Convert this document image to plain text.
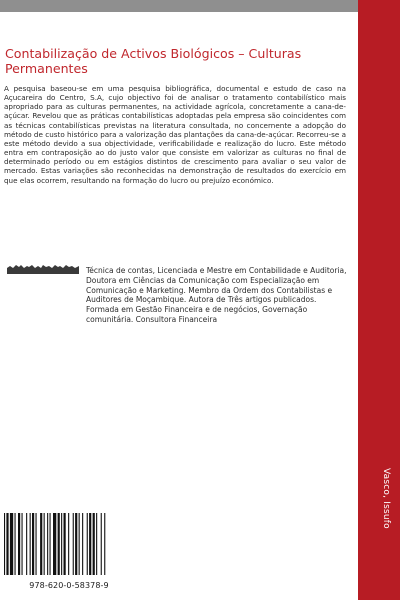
Contabilização de Activos Biológicos – Culturas Permanentes

A pesquisa baseou-se em uma pesquisa bibliográfica, documental e estudo de caso na Açucareira do Centro, S.A, cujo objectivo foi de analisar o tratamento contabilístico mais apropriado para as culturas permanentes, na actividade agrícola, concretamente a cana-de-açúcar. Revelou que as práticas contabilísticas adoptadas pela empresa são coincidentes com as técnicas contabilísticas previstas na literatura consultada, no concernente a adopção do método de custo histórico para a valorização das plantações da cana-de-açúcar. Recorreu-se a este método devido a sua objectividade, verificabilidade e realização do lucro. Este método entra em contraposição ao do justo valor que consiste em valorizar as culturas no final de determinado período ou em estágios distintos de crescimento para avaliar o seu valor de mercado. Estas variações são reconhecidas na demonstração de resultados do exercício em que elas ocorrem, resultando na formação do lucro ou prejuízo económico.

Técnica de contas, Licenciada e Mestre em Contabilidade e Auditoria, Doutora em Ciências da Comunicação com Especialização em Comunicação e Marketing. Membro da Ordem dos Contabilistas e Auditores de Moçambique. Autora de Três artigos publicados. Formada em Gestão Financeira e de negócios, Governação comunitária. Consultora Financeira

978-620-0-58378-9
Vasco, Issufo
